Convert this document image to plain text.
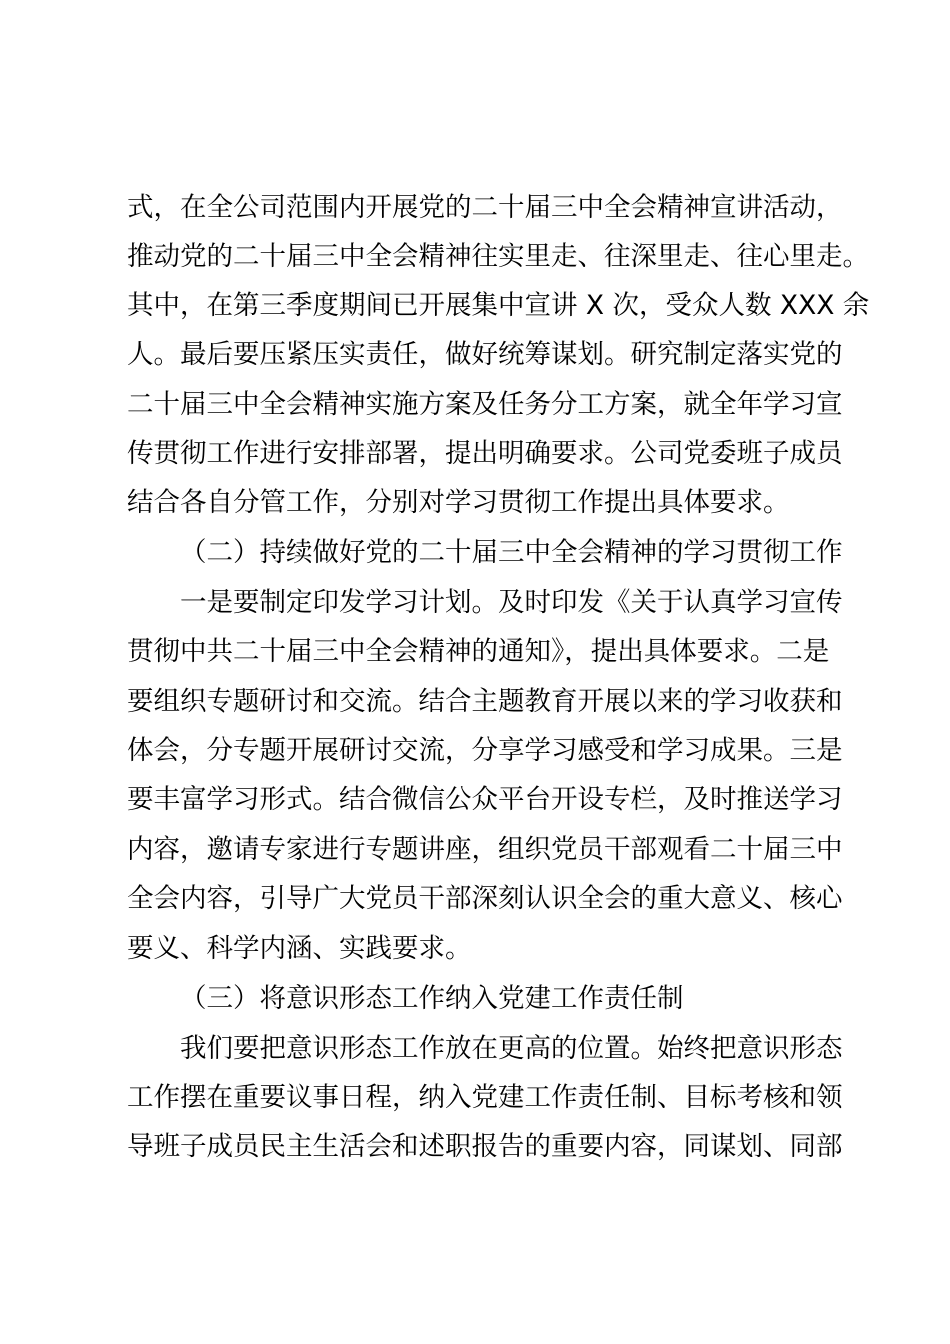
式，在全公司范围内开展党的二十届三中全会精神宣讲活动，
推动党的二十届三中全会精神往实里走、往深里走、往心里走。
其中，在第三季度期间已开展集中宣讲 X 次，受众人数 XXX 余
人。最后要压紧压实责任，做好统筹谋划。研究制定落实党的
二十届三中全会精神实施方案及任务分工方案，就全年学习宣
传贯彻工作进行安排部署，提出明确要求。公司党委班子成员
结合各自分管工作，分别对学习贯彻工作提出具体要求。
（二）持续做好党的二十届三中全会精神的学习贯彻工作
一是要制定印发学习计划。及时印发《关于认真学习宣传
贯彻中共二十届三中全会精神的通知》，提出具体要求。二是
要组织专题研讨和交流。结合主题教育开展以来的学习收获和
体会，分专题开展研讨交流，分享学习感受和学习成果。三是
要丰富学习形式。结合微信公众平台开设专栏，及时推送学习
内容，邀请专家进行专题讲座，组织党员干部观看二十届三中
全会内容，引导广大党员干部深刻认识全会的重大意义、核心
要义、科学内涵、实践要求。
（三）将意识形态工作纳入党建工作责任制
我们要把意识形态工作放在更高的位置。始终把意识形态
工作摆在重要议事日程，纳入党建工作责任制、目标考核和领
导班子成员民主生活会和述职报告的重要内容，同谋划、同部
